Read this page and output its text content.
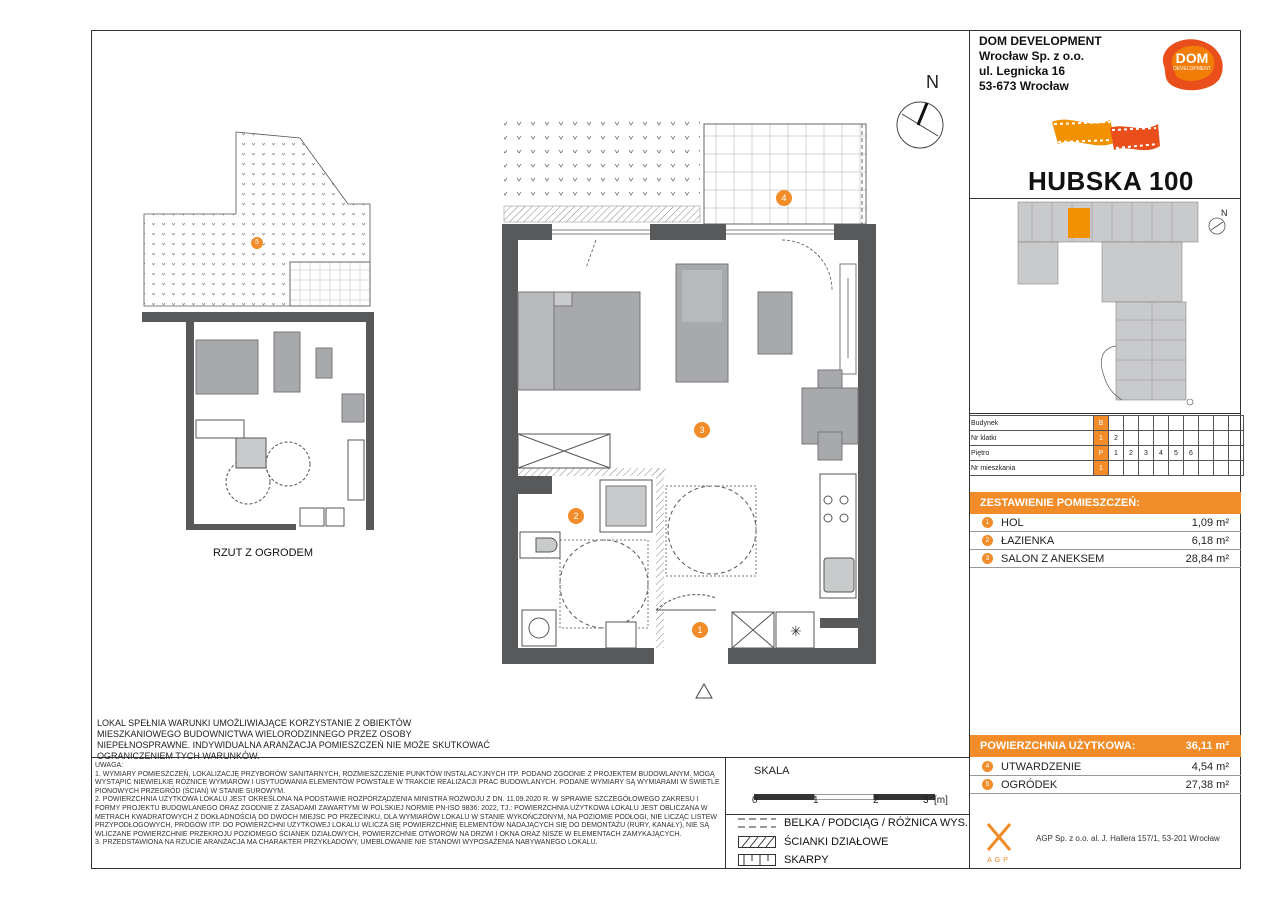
DOM DEVELOPMENT
Wrocław Sp. z o.o.
ul. Legnicka 16
53-673 Wrocław
DOM
DEVELOPMENT
HUBSKA 100
N
Budynek	B									
Nr klatki	1	2								
Piętro	P	1	2	3	4	5	6			
Nr mieszkania	1									
ZESTAWIENIE POMIESZCZEŃ:
1	HOL	1,09 m²
2	ŁAZIENKA	6,18 m²
3	SALON Z ANEKSEM	28,84 m²
POWIERZCHNIA UŻYTKOWA:	36,11 m²
4	UTWARDZENIE	4,54 m²
5	OGRÓDEK	27,38 m²
AGP
AGP Sp. z o.o. al. J. Hallera 157/1, 53-201 Wrocław
N
✳
3
2
1
4
5
RZUT Z OGRODEM
LOKAL SPEŁNIA WARUNKI UMOŻLIWIAJĄCE KORZYSTANIE Z OBIEKTÓW MIESZKANIOWEGO BUDOWNICTWA WIELORODZINNEGO PRZEZ OSOBY NIEPEŁNOSPRAWNE. INDYWIDUALNA ARANŻACJA POMIESZCZEŃ NIE MOŻE SKUTKOWAĆ OGRANICZENIEM TYCH WARUNKÓW.
UWAGA:
1. WYMIARY POMIESZCZEŃ, LOKALIZACJĘ PRZYBORÓW SANITARNYCH, ROZMIESZCZENIE PUNKTÓW INSTALACYJNYCH ITP. PODANO ZGODNIE Z PROJEKTEM BUDOWLANYM. MOGĄ WYSTĄPIĆ NIEWIELKIE RÓŻNICE WYMIARÓW I USYTUOWANIA ELEMENTÓW POWSTAŁE W TRAKCIE REALIZACJI PRAC BUDOWLANYCH. PODANE WYMIARY SĄ WYMIARAMI W ŚWIETLE PIONOWYCH PRZEGRÓD (ŚCIAN) W STANIE SUROWYM.
2. POWIERZCHNIA UŻYTKOWA LOKALU JEST OKREŚLONA NA PODSTAWIE ROZPORZĄDZENIA MINISTRA ROZWOJU Z DN. 11.09.2020 R. W SPRAWIE SZCZEGÓŁOWEGO ZAKRESU I FORMY PROJEKTU BUDOWLANEGO ORAZ ZGODNIE Z ZASADAMI ZAWARTYMI W POLSKIEJ NORMIE PN-ISO 9836: 2022, TJ.: POWIERZCHNIA UŻYTKOWA LOKALU JEST OBLICZANA W METRACH KWADRATOWYCH Z DOKŁADNOŚCIĄ DO DWÓCH MIEJSC PO PRZECINKU, DLA WYMIARÓW LOKALU W STANIE WYKOŃCZONYM, NA POZIOMIE PODŁOGI, NIE LICZĄC LISTEW PRZYPODŁOGOWYCH, PROGÓW ITP. DO POWIERZCHNI UŻYTKOWEJ LOKALU WLICZA SIĘ POWIERZCHNIĘ ELEMENTÓW NADAJĄCYCH SIĘ DO DEMONTAŻU (RURY, KANAŁY), NIE SĄ WLICZANE POWIERZCHNIE PRZEKROJU POZIOMEGO ŚCIANEK DZIAŁOWYCH, POWIERZCHNIE OTWORÓW NA DRZWI I OKNA ORAZ NISZE W ELEMENTACH ZAMYKAJĄCYCH.
3. PRZEDSTAWIONA NA RZUCIE ARANŻACJA MA CHARAKTER PRZYKŁADOWY, UMEBLOWANIE NIE STANOWI WYPOSAŻENIA NABYWANEGO LOKALU.
SKALA
0	1	2	3 [m]
BELKA / PODCIĄG / RÓŻNICA WYS.
ŚCIANKI DZIAŁOWE
SKARPY
